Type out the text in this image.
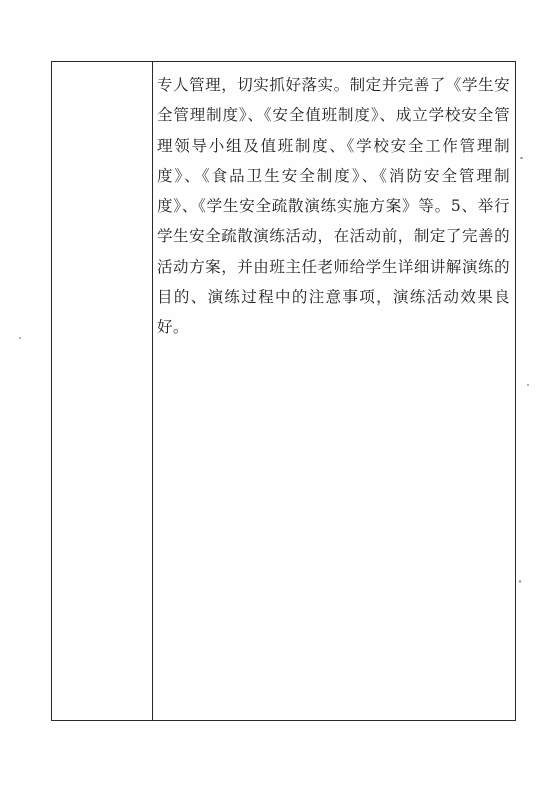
专人管理，切实抓好落实。制定并完善了《学生安全管理制度》、《安全值班制度》、成立学校安全管理领导小组及值班制度、《学校安全工作管理制度》、《食品卫生安全制度》、《消防安全管理制度》、《学生安全疏散演练实施方案》等。5、举行学生安全疏散演练活动，在活动前，制定了完善的活动方案，并由班主任老师给学生详细讲解演练的目的、演练过程中的注意事项，演练活动效果良好。
